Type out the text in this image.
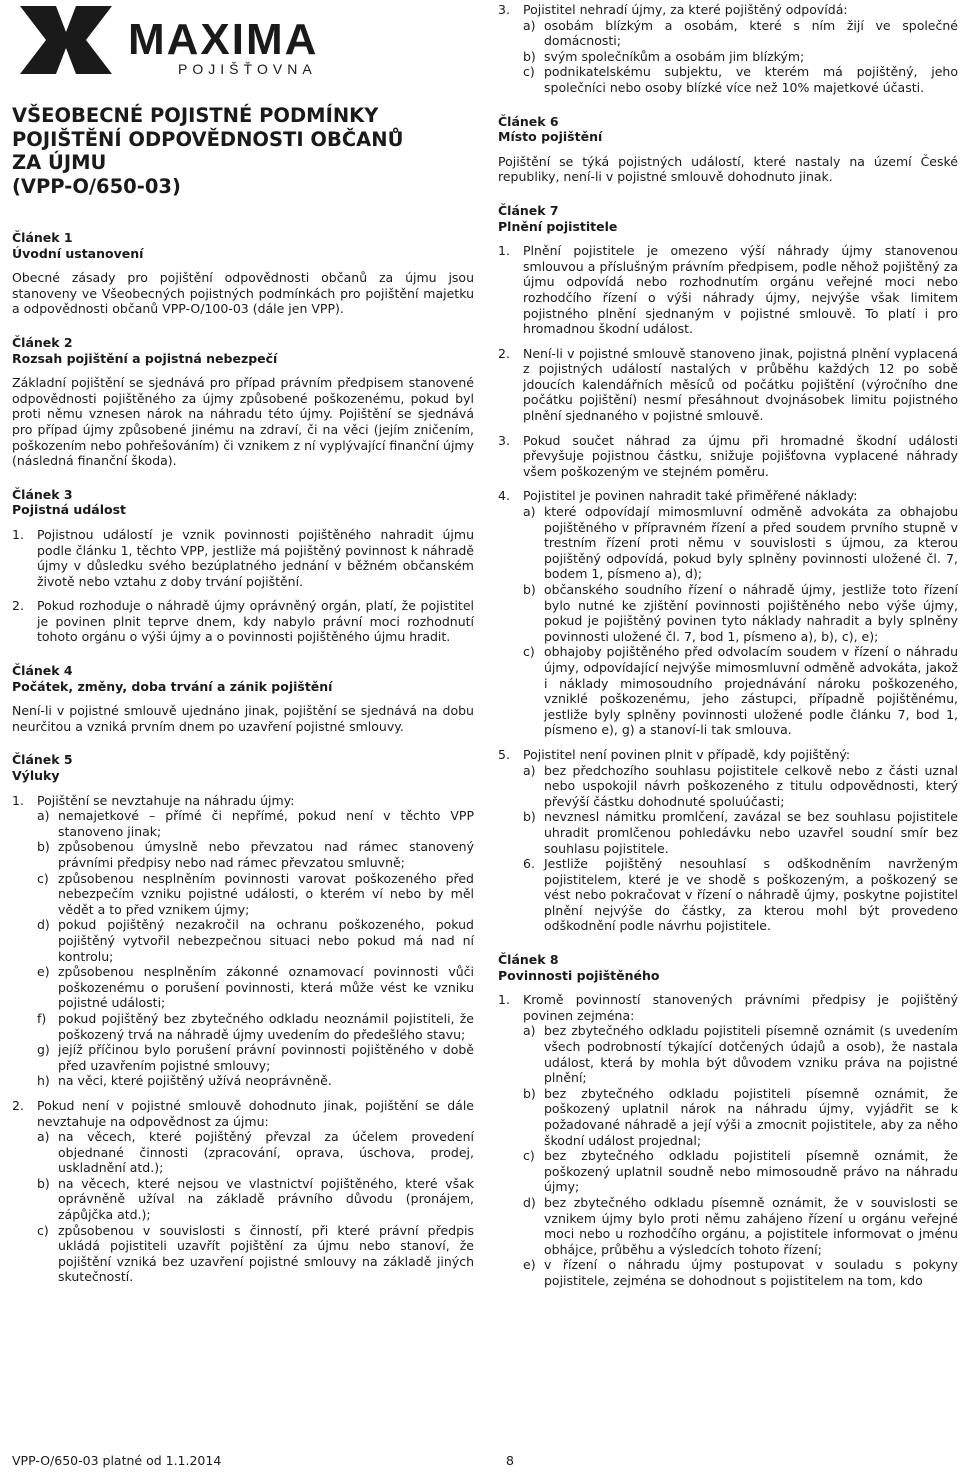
MAXIMA
POJIŠŤOVNA
VŠEOBECNÉ POJISTNÉ PODMÍNKY
POJIŠTĚNÍ ODPOVĚDNOSTI OBČANŮ
ZA ÚJMU
(VPP-O/650-03)
Článek 1
Úvodní ustanovení
Obecné zásady pro pojištění odpovědnosti občanů za újmu jsou stanoveny ve Všeobecných pojistných podmínkách pro pojištění majetku a odpovědnosti občanů VPP-O/100-03 (dále jen VPP).
Článek 2
Rozsah pojištění a pojistná nebezpečí
Základní pojištění se sjednává pro případ právním předpisem stanovené odpovědnosti pojištěného za újmy způsobené poškozenému, pokud byl proti němu vznesen nárok na náhradu této újmy. Pojištění se sjednává pro případ újmy způsobené jinému na zdraví, či na věci (jejím zničením, poškozením nebo pohřešováním) či vznikem z ní vyplývající finanční újmy (následná finanční škoda).
Článek 3
Pojistná událost
1.	Pojistnou událostí je vznik povinnosti pojištěného nahradit újmu podle článku 1, těchto VPP, jestliže má pojištěný povinnost k náhradě újmy v důsledku svého bezúplatného jednání v běžném občanském životě nebo vztahu z doby trvání pojištění.
2.	Pokud rozhoduje o náhradě újmy oprávněný orgán, platí, že pojistitel je povinen plnit teprve dnem, kdy nabylo právní moci rozhodnutí tohoto orgánu o výši újmy a o povinnosti pojištěného újmu hradit.
Článek 4
Počátek, změny, doba trvání a zánik pojištění
Není-li v pojistné smlouvě ujednáno jinak, pojištění se sjednává na dobu neurčitou a vzniká prvním dnem po uzavření pojistné smlouvy.
Článek 5
Výluky
1.	Pojištění se nevztahuje na náhradu újmy:
a) nemajetkové – přímé či nepřímé, pokud není v těchto VPP stanoveno jinak;
b) způsobenou úmyslně nebo převzatou nad rámec stanovený právními předpisy nebo nad rámec převzatou smluvně;
c) způsobenou nesplněním povinnosti varovat poškozeného před nebezpečím vzniku pojistné události, o kterém ví nebo by měl vědět a to před vznikem újmy;
d) pokud pojištěný nezakročil na ochranu poškozeného, pokud pojištěný vytvořil nebezpečnou situaci nebo pokud má nad ní kontrolu;
e) způsobenou nesplněním zákonné oznamovací povinnosti vůči poškozenému o porušení povinnosti, která může vést ke vzniku pojistné události;
f) pokud pojištěný bez zbytečného odkladu neoznámil pojistiteli, že poškozený trvá na náhradě újmy uvedením do předešlého stavu;
g) jejíž příčinou bylo porušení právní povinnosti pojištěného v době před uzavřením pojistné smlouvy;
h) na věci, které pojištěný užívá neoprávněně.
2.	Pokud není v pojistné smlouvě dohodnuto jinak, pojištění se dále nevztahuje na odpovědnost za újmu:
a) na věcech, které pojištěný převzal za účelem provedení objednané činnosti (zpracování, oprava, úschova, prodej, uskladnění atd.);
b) na věcech, které nejsou ve vlastnictví pojištěného, které však oprávněně užíval na základě právního důvodu (pronájem, zápůjčka atd.);
c) způsobenou v souvislosti s činností, při které právní předpis ukládá pojistiteli uzavřít pojištění za újmu nebo stanoví, že pojištění vzniká bez uzavření pojistné smlouvy na základě jiných skutečností.
3.	Pojistitel nehradí újmy, za které pojištěný odpovídá:
a) osobám blízkým a osobám, které s ním žijí ve společné domácnosti;
b) svým společníkům a osobám jim blízkým;
c) podnikatelskému subjektu, ve kterém má pojištěný, jeho společníci nebo osoby blízké více než 10% majetkové účasti.
Článek 6
Místo pojištění
Pojištění se týká pojistných událostí, které nastaly na území České republiky, není-li v pojistné smlouvě dohodnuto jinak.
Článek 7
Plnění pojistitele
1.	Plnění pojistitele je omezeno výší náhrady újmy stanovenou smlouvou a příslušným právním předpisem, podle něhož pojištěný za újmu odpovídá nebo rozhodnutím orgánu veřejné moci nebo rozhodčího řízení o výši náhrady újmy, nejvýše však limitem pojistného plnění sjednaným v pojistné smlouvě. To platí i pro hromadnou škodní událost.
2.	Není-li v pojistné smlouvě stanoveno jinak, pojistná plnění vyplacená z pojistných událostí nastalých v průběhu každých 12 po sobě jdoucích kalendářních měsíců od počátku pojištění (výročního dne počátku pojištění) nesmí přesáhnout dvojnásobek limitu pojistného plnění sjednaného v pojistné smlouvě.
3.	Pokud součet náhrad za újmu při hromadné škodní události převyšuje pojistnou částku, snižuje pojišťovna vyplacené náhrady všem poškozeným ve stejném poměru.
4.	Pojistitel je povinen nahradit také přiměřené náklady:
a) které odpovídají mimosmluvní odměně advokáta za obhajobu pojištěného v přípravném řízení a před soudem prvního stupně v trestním řízení proti němu v souvislosti s újmou, za kterou pojištěný odpovídá, pokud byly splněny povinnosti uložené čl. 7, bodem 1, písmeno a), d);
b) občanského soudního řízení o náhradě újmy, jestliže toto řízení bylo nutné ke zjištění povinnosti pojištěného nebo výše újmy, pokud je pojištěný povinen tyto náklady nahradit a byly splněny povinnosti uložené čl. 7, bod 1, písmeno a), b), c), e);
c) obhajoby pojištěného před odvolacím soudem v řízení o náhradu újmy, odpovídající nejvýše mimosmluvní odměně advokáta, jakož i náklady mimosoudního projednávání nároku poškozeného, vzniklé poškozenému, jeho zástupci, případně pojištěnému, jestliže byly splněny povinnosti uložené podle článku 7, bod 1, písmeno e), g) a stanoví-li tak smlouva.
5.	Pojistitel není povinen plnit v případě, kdy pojištěný:
a) bez předchozího souhlasu pojistitele celkově nebo z části uznal nebo uspokojil návrh poškozeného z titulu odpovědnosti, který převýší částku dohodnuté spoluúčasti;
b) nevznesl námitku promlčení, zavázal se bez souhlasu pojistitele uhradit promlčenou pohledávku nebo uzavřel soudní smír bez souhlasu pojistitele.
6. Jestliže pojištěný nesouhlasí s odškodněním navrženým pojistitelem, které je ve shodě s poškozeným, a poškozený se vést nebo pokračovat v řízení o náhradě újmy, poskytne pojistitel plnění nejvýše do částky, za kterou mohl být provedeno odškodnění podle návrhu pojistitele.
Článek 8
Povinnosti pojištěného
1.	Kromě povinností stanovených právními předpisy je pojištěný povinen zejména:
a) bez zbytečného odkladu pojistiteli písemně oznámit (s uvedením všech podrobností týkající dotčených údajů a osob), že nastala událost, která by mohla být důvodem vzniku práva na pojistné plnění;
b) bez zbytečného odkladu pojistiteli písemně oznámit, že poškozený uplatnil nárok na náhradu újmy, vyjádřit se k požadované náhradě a její výši a zmocnit pojistitele, aby za něho škodní událost projednal;
c) bez zbytečného odkladu pojistiteli písemně oznámit, že poškozený uplatnil soudně nebo mimosoudně právo na náhradu újmy;
d) bez zbytečného odkladu písemně oznámit, že v souvislosti se vznikem újmy bylo proti němu zahájeno řízení u orgánu veřejné moci nebo u rozhodčího orgánu, a pojistitele informovat o jménu obhájce, průběhu a výsledcích tohoto řízení;
e) v řízení o náhradu újmy postupovat v souladu s pokyny pojistitele, zejména se dohodnout s pojistitelem na tom, kdo
VPP-O/650-03 platné od 1.1.2014	8
